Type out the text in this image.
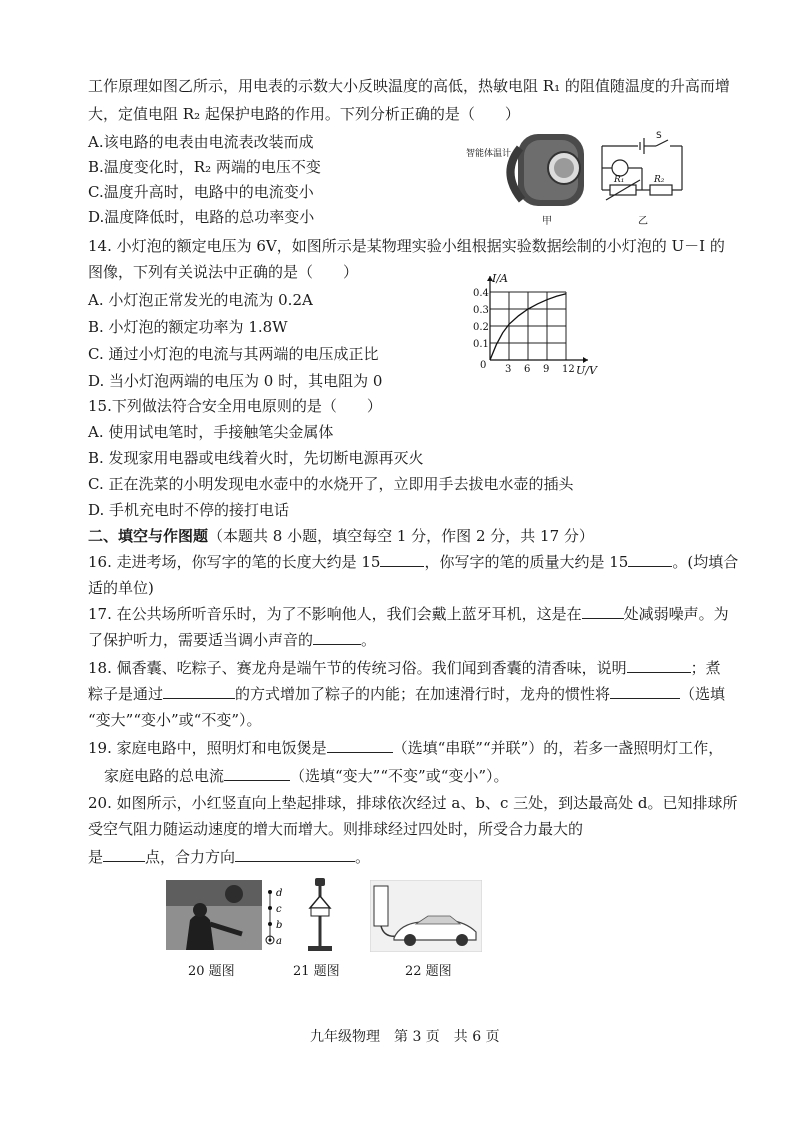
工作原理如图乙所示，用电表的示数大小反映温度的高低，热敏电阻 R₁ 的阻值随温度的升高而增
大，定值电阻 R₂ 起保护电路的作用。下列分析正确的是（　　）
A.该电路的电表由电流表改装而成
B.温度变化时，R₂ 两端的电压不变
C.温度升高时，电路中的电流变小
D.温度降低时，电路的总功率变小
智能体温计
甲
S
R₁	R₂
乙
14. 小灯泡的额定电压为 6V，如图所示是某物理实验小组根据实验数据绘制的小灯泡的 U－I 的
图像，下列有关说法中正确的是（　　）
A. 小灯泡正常发光的电流为 0.2A
B. 小灯泡的额定功率为 1.8W
C. 通过小灯泡的电流与其两端的电压成正比
D. 当小灯泡两端的电压为 0 时，其电阻为 0
3 6 9 12
0.1
0.2
0.3
0.4
I/A
U/V
0
15.下列做法符合安全用电原则的是（　　）
A. 使用试电笔时，手接触笔尖金属体
B. 发现家用电器或电线着火时，先切断电源再灭火
C. 正在洗菜的小明发现电水壶中的水烧开了，立即用手去拔电水壶的插头
D. 手机充电时不停的接打电话
二、填空与作图题（本题共 8 小题，填空每空 1 分，作图 2 分，共 17 分）
16. 走进考场，你写字的笔的长度大约是 15	，你写字的笔的质量大约是 15	。(均填合
适的单位)
17. 在公共场所听音乐时，为了不影响他人，我们会戴上蓝牙耳机，这是在	处减弱噪声。为
了保护听力，需要适当调小声音的	。
18. 佩香囊、吃粽子、赛龙舟是端午节的传统习俗。我们闻到香囊的清香味，说明	；煮
粽子是通过	的方式增加了粽子的内能；在加速滑行时，龙舟的惯性将	（选填
“变大”“变小”或“不变”）。
19. 家庭电路中，照明灯和电饭煲是	（选填“串联”“并联”）的，若多一盏照明灯工作，
家庭电路的总电流	（选填“变大”“不变”或“变小”）。
20. 如图所示，小红竖直向上垫起排球，排球依次经过 a、b、c 三处，到达最高处 d。已知排球所
受空气阻力随运动速度的增大而增大。则排球经过四处时，所受合力最大的
是	点，合力方向	。
d
c
b
a
20 题图	21 题图	22 题图
九年级物理　第 3 页　共 6 页
